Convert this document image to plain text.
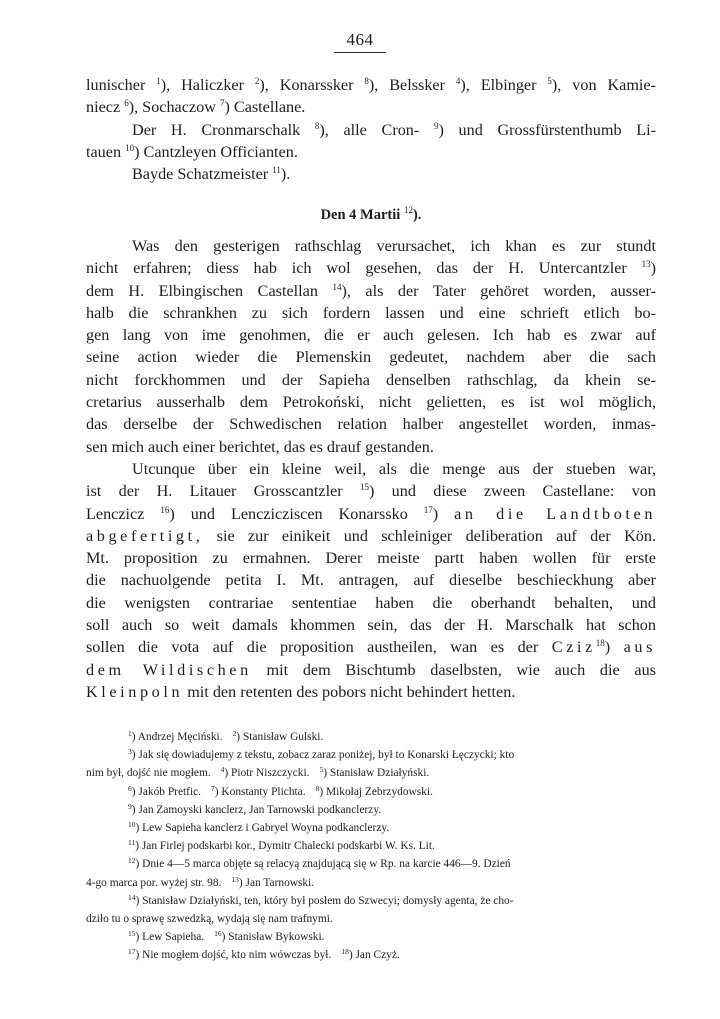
464
lunischer $^1$), Haliczker $^2$), Konarssker $^8$), Belssker $^4$), Elbinger $^5$), von Kamie-
niecz $^6$), Sochaczow $^7$) Castellane.
Der H. Cronmarschalk $^8$), alle Cron- $^9$) und Grossfürstenthumb Li-
tauen $^{10}$) Cantzleyen Officianten.
Bayde Schatzmeister $^{11}$).
Den 4 Martii $^{12}$).
Was den gesterigen rathschlag verursachet, ich khan es zur stundt
nicht erfahren; diess hab ich wol gesehen, das der H. Untercantzler $^{13}$)
dem H. Elbingischen Castellan $^{14}$), als der Tater gehöret worden, ausser-
halb die schrankhen zu sich fordern lassen und eine schrieft etlich bo-
gen lang von ime genohmen, die er auch gelesen. Ich hab es zwar auf
seine action wieder die Plemenskin gedeutet, nachdem aber die sach
nicht forckhommen und der Sapieha denselben rathschlag, da khein se-
cretarius ausserhalb dem Petrokoński, nicht gelietten, es ist wol möglich,
das derselbe der Schwedischen relation halber angestellet worden, inmas-
sen mich auch einer berichtet, das es drauf gestanden.
Utcunque über ein kleine weil, als die menge aus der stueben war,
ist der H. Litauer Grosscantzler $^{15}$) und diese zween Castellane: von
Lenczicz $^{16}$) und Lenczicziscen Konarssko $^{17}$) an die Landtboten
abgefertigt, sie zur einikeit und schleiniger deliberation auf der Kön.
Mt. proposition zu ermahnen. Derer meiste partt haben wollen für erste
die nachuolgende petita I. Mt. antragen, auf dieselbe beschieckhung aber
die wenigsten contrariae sententiae haben die oberhandt behalten, und
soll auch so weit damals khommen sein, das der H. Marschalk hat schon
sollen die vota auf die proposition austheilen, wan es der Cziz$^{18}$) aus
dem Wildischen mit dem Bischtumb daselbsten, wie auch die aus
Kleinpoln mit den retenten des pobors nicht behindert hetten.
$^1$) Andrzej Męciński. $^2$) Stanisław Gulski.
$^3$) Jak się dowiadujemy z tekstu, zobacz zaraz poniżej, był to Konarski Łęczycki; kto
nim był, dojść nie mogłem. $^4$) Piotr Niszczycki. $^5$) Stanisław Działyński.
$^6$) Jakób Pretfic. $^7$) Konstanty Plichta. $^8$) Mikołaj Zebrzydowski.
$^9$) Jan Zamoyski kanclerz, Jan Tarnowski podkanclerzy.
$^{10}$) Lew Sapieha kanclerz i Gabryel Woyna podkanclerzy.
$^{11}$) Jan Firlej podskarbi kor., Dymitr Chalecki podskarbi W. Ks. Lit.
$^{12}$) Dnie 4—5 marca objęte są relacyą znajdującą się w Rp. na karcie 446—9. Dzień
4-go marca por. wyżej str. 98. $^{13}$) Jan Tarnowski.
$^{14}$) Stanisław Działyński, ten, który był posłem do Szwecyi; domysły agenta, że cho-
dziło tu o sprawę szwedzką, wydają się nam trafnymi.
$^{15}$) Lew Sapieha. $^{16}$) Stanisław Bykowski.
$^{17}$) Nie mogłem dojść, kto nim wówczas był. $^{18}$) Jan Czyż.
